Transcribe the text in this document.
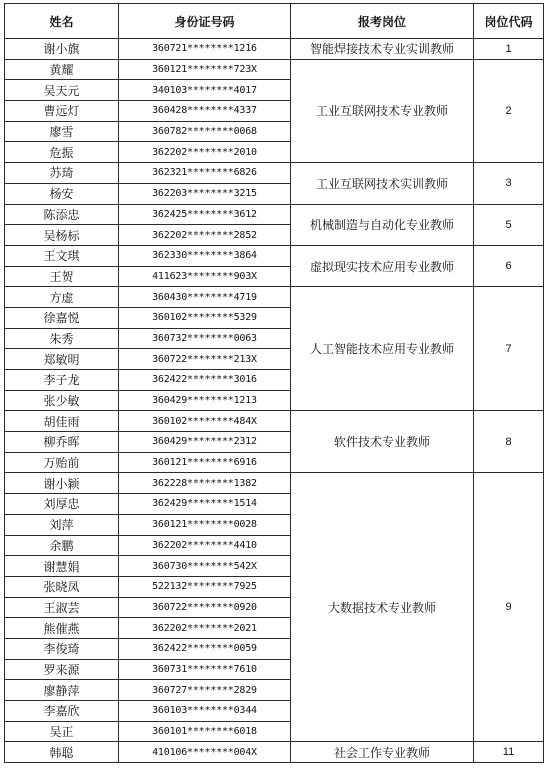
姓名	身份证号码	报考岗位	岗位代码
谢小旗	360721********1216	智能焊接技术专业实训教师	1
黄耀	360121********723X	工业互联网技术专业教师	2
吴天元	340103********4017		
曹远灯	360428********4337		
廖雪	360782********0068		
危振	362202********2010		
苏琦	362321********6826	工业互联网技术实训教师	3
杨安	362203********3215		
陈添忠	362425********3612	机械制造与自动化专业教师	5
吴杨标	362202********2852		
王文琪	362330********3864	虚拟现实技术应用专业教师	6
王贺	411623********903X		
方虚	360430********4719	人工智能技术应用专业教师	7
徐嘉悦	360102********5329		
朱秀	360732********0063		
郑敏明	360722********213X		
李子龙	362422********3016		
张少敏	360429********1213		
胡佳雨	360102********484X	软件技术专业教师	8
柳乔晖	360429********2312		
万贻前	360121********6916		
谢小颖	362228********1382	大数据技术专业教师	9
刘厚忠	362429********1514		
刘萍	360121********0028		
余鹏	362202********4410		
谢慧娟	360730********542X		
张晓凤	522132********7925		
王淑芸	360722********0920		
熊催燕	362202********2021		
李俊琦	362422********0059		
罗来源	360731********7610		
廖静萍	360727********2829		
李嘉欣	360103********0344		
吴正	360101********6018		
韩聪	410106********004X	社会工作专业教师	11
